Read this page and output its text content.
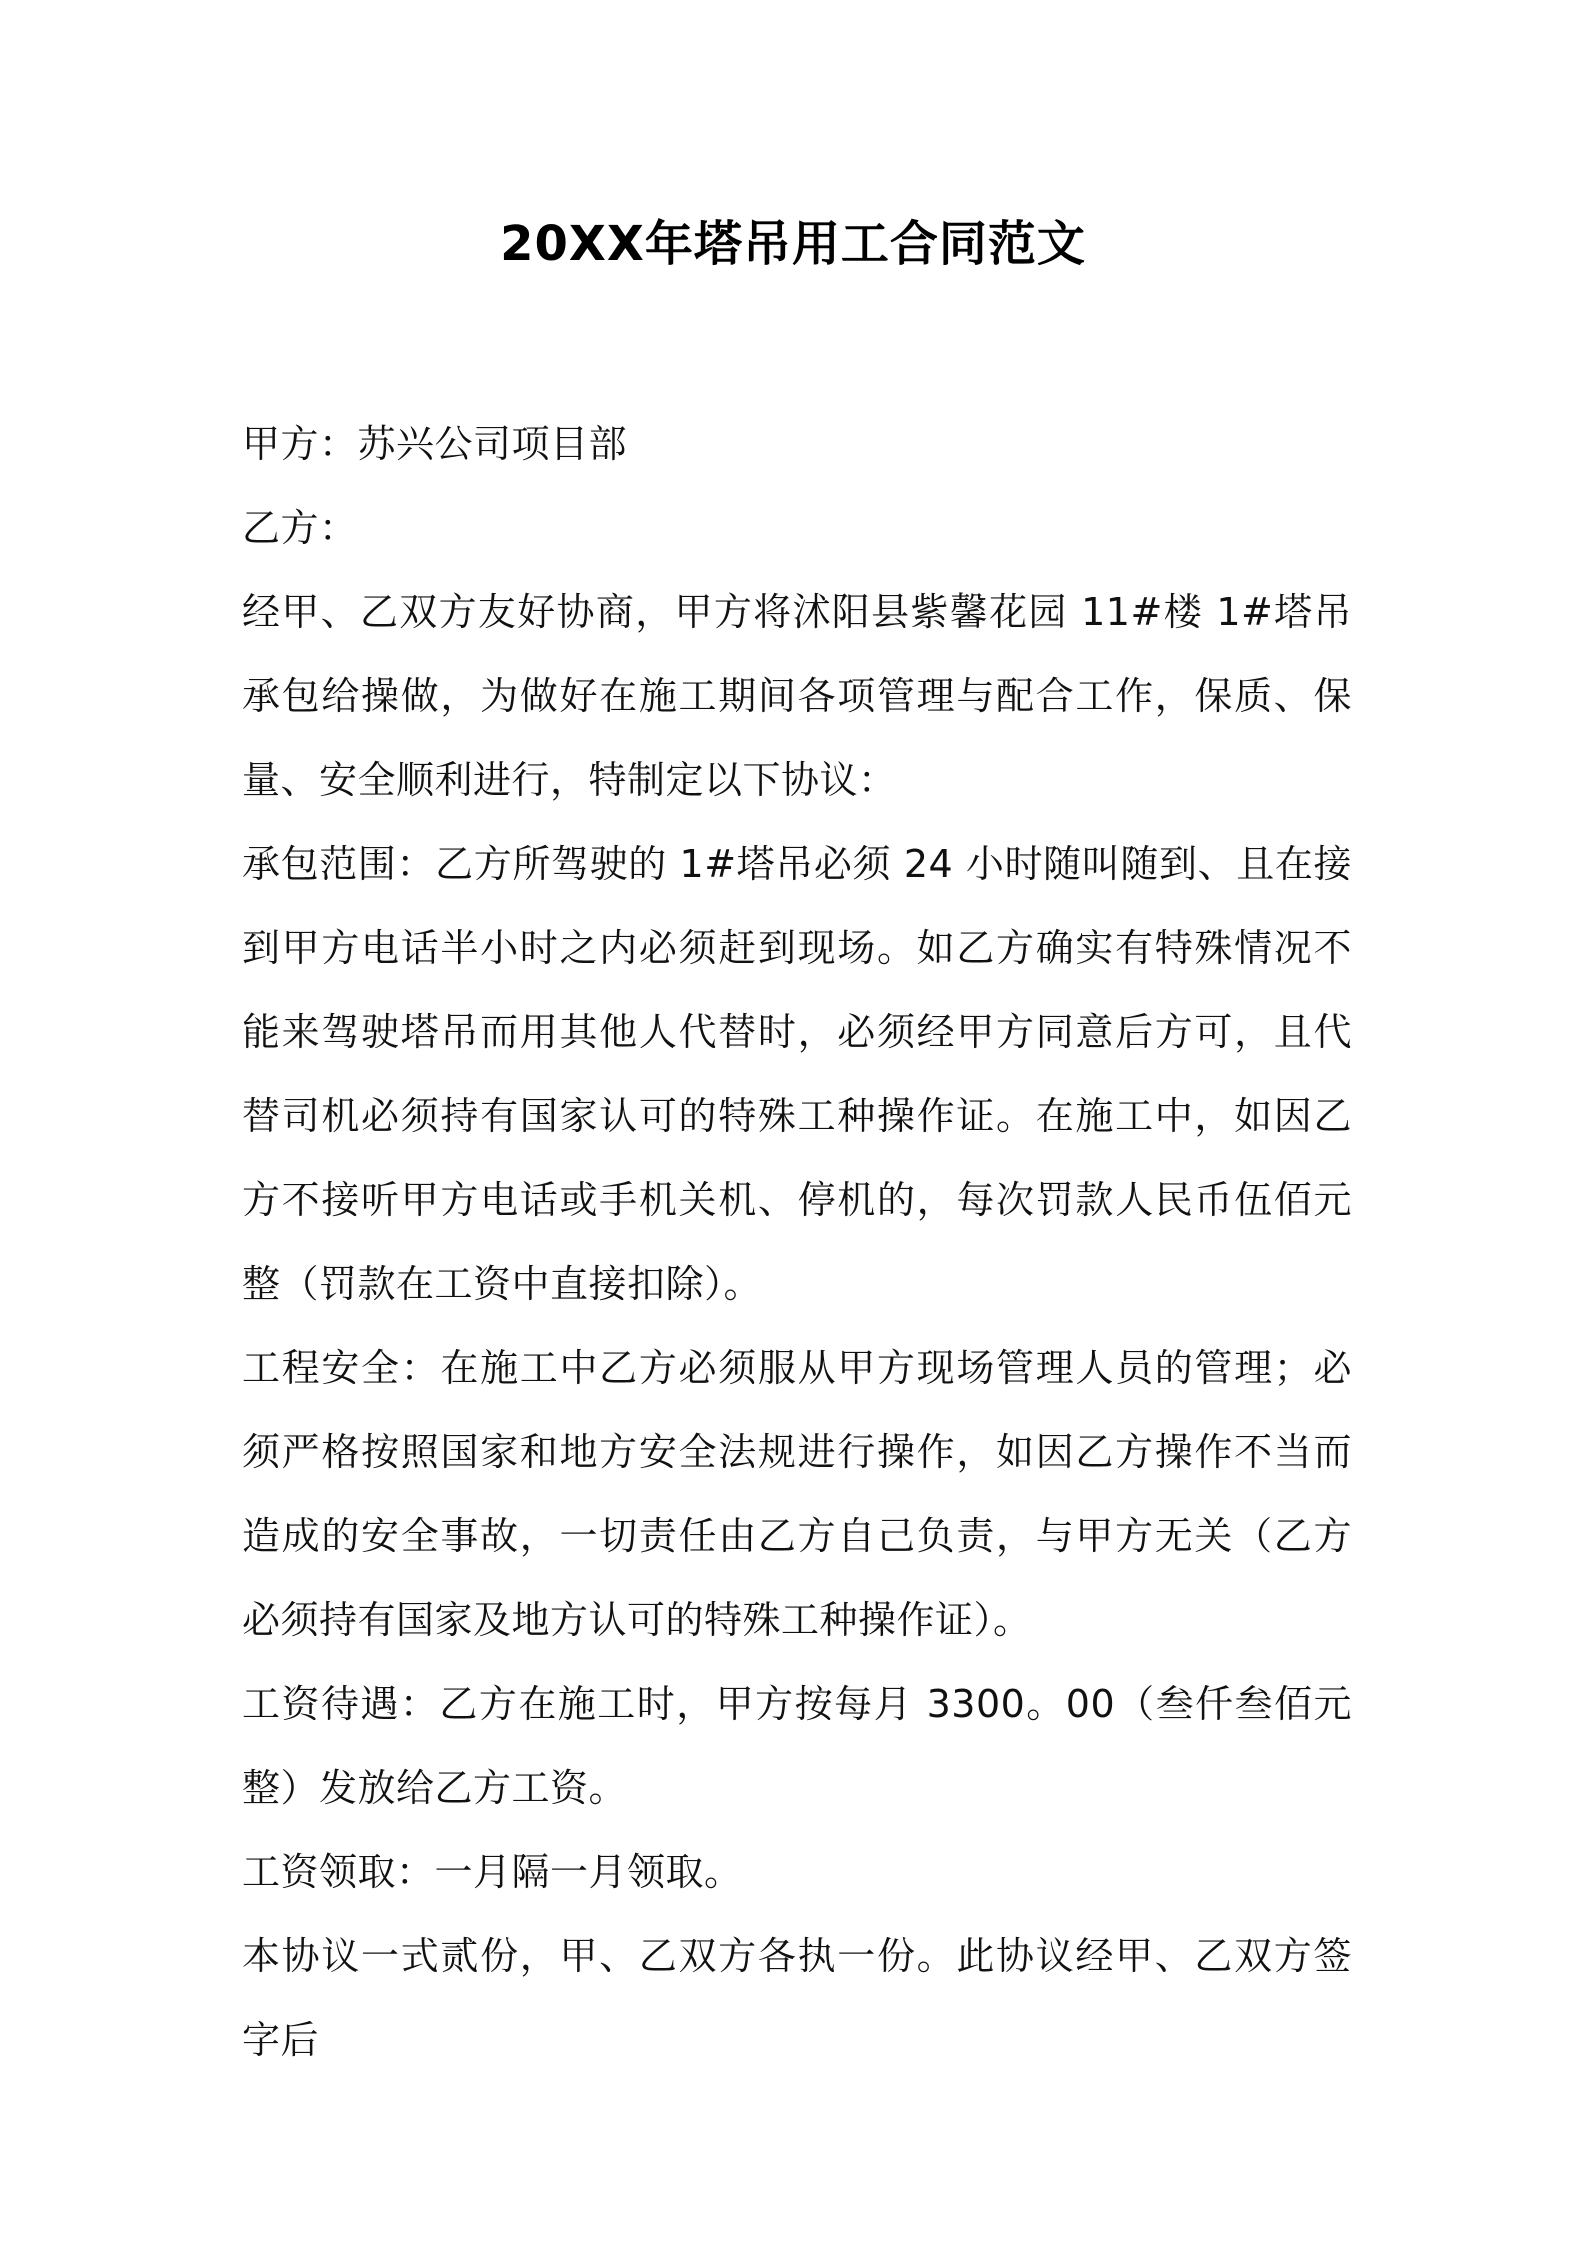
20XX年塔吊用工合同范文

甲方：苏兴公司项目部

乙方：

经甲、乙双方友好协商，甲方将沭阳县紫馨花园 11#楼 1#塔吊承包给操做，为做好在施工期间各项管理与配合工作，保质、保量、安全顺利进行，特制定以下协议：

承包范围：乙方所驾驶的 1#塔吊必须 24 小时随叫随到、且在接到甲方电话半小时之内必须赶到现场。如乙方确实有特殊情况不能来驾驶塔吊而用其他人代替时，必须经甲方同意后方可，且代替司机必须持有国家认可的特殊工种操作证。在施工中，如因乙方不接听甲方电话或手机关机、停机的，每次罚款人民币伍佰元整（罚款在工资中直接扣除）。

工程安全：在施工中乙方必须服从甲方现场管理人员的管理；必须严格按照国家和地方安全法规进行操作，如因乙方操作不当而造成的安全事故，一切责任由乙方自己负责，与甲方无关（乙方必须持有国家及地方认可的特殊工种操作证）。

工资待遇：乙方在施工时，甲方按每月 3300。00（叁仟叁佰元整）发放给乙方工资。

工资领取：一月隔一月领取。

本协议一式贰份，甲、乙双方各执一份。此协议经甲、乙双方签字后
